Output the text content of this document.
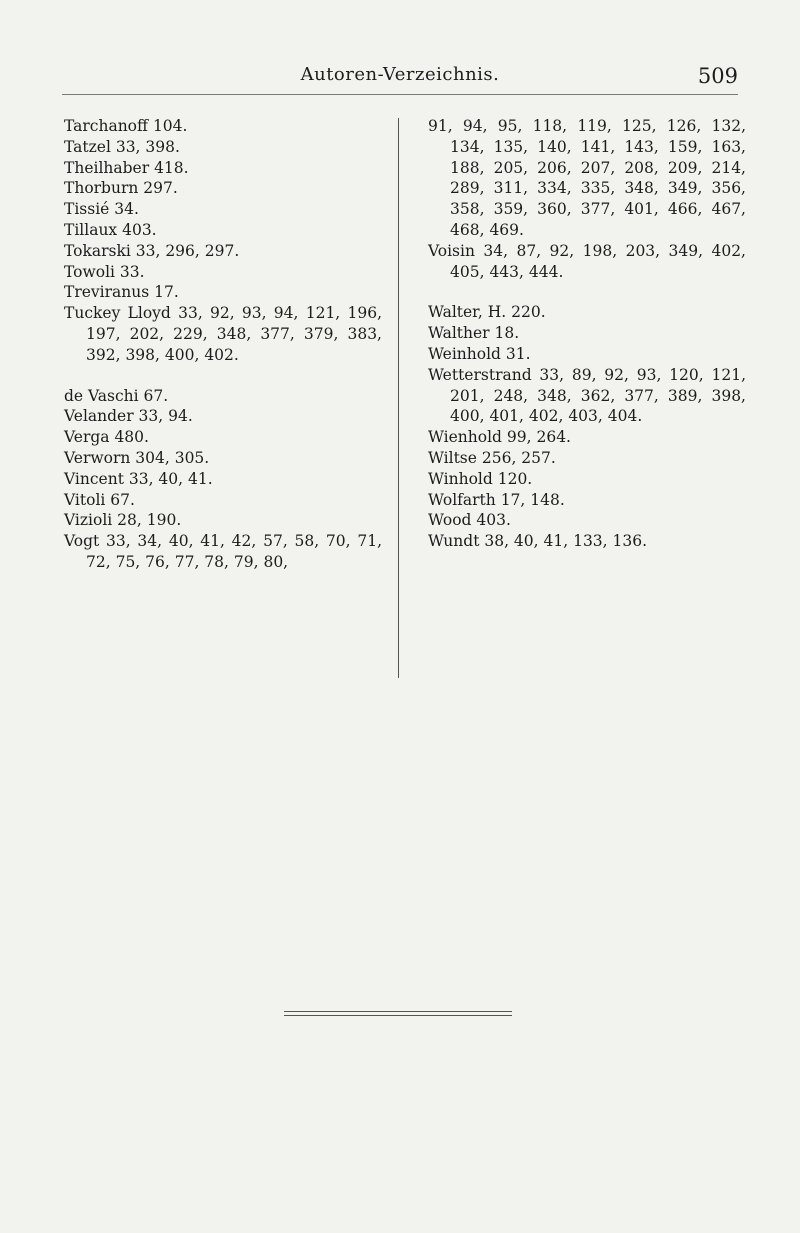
Autoren-Verzeichnis.	509
Tarchanoff 104.
Tatzel 33, 398.
Theilhaber 418.
Thorburn 297.
Tissié 34.
Tillaux 403.
Tokarski 33, 296, 297.
Towoli 33.
Treviranus 17.
Tuckey Lloyd 33, 92, 93, 94, 121, 196, 197, 202, 229, 348, 377, 379, 383, 392, 398, 400, 402.
de Vaschi 67.
Velander 33, 94.
Verga 480.
Verworn 304, 305.
Vincent 33, 40, 41.
Vitoli 67.
Vizioli 28, 190.
Vogt 33, 34, 40, 41, 42, 57, 58, 70, 71, 72, 75, 76, 77, 78, 79, 80,
91, 94, 95, 118, 119, 125, 126, 132, 134, 135, 140, 141, 143, 159, 163, 188, 205, 206, 207, 208, 209, 214, 289, 311, 334, 335, 348, 349, 356, 358, 359, 360, 377, 401, 466, 467, 468, 469.
Voisin 34, 87, 92, 198, 203, 349, 402, 405, 443, 444.
Walter, H. 220.
Walther 18.
Weinhold 31.
Wetterstrand 33, 89, 92, 93, 120, 121, 201, 248, 348, 362, 377, 389, 398, 400, 401, 402, 403, 404.
Wienhold 99, 264.
Wiltse 256, 257.
Winhold 120.
Wolfarth 17, 148.
Wood 403.
Wundt 38, 40, 41, 133, 136.
